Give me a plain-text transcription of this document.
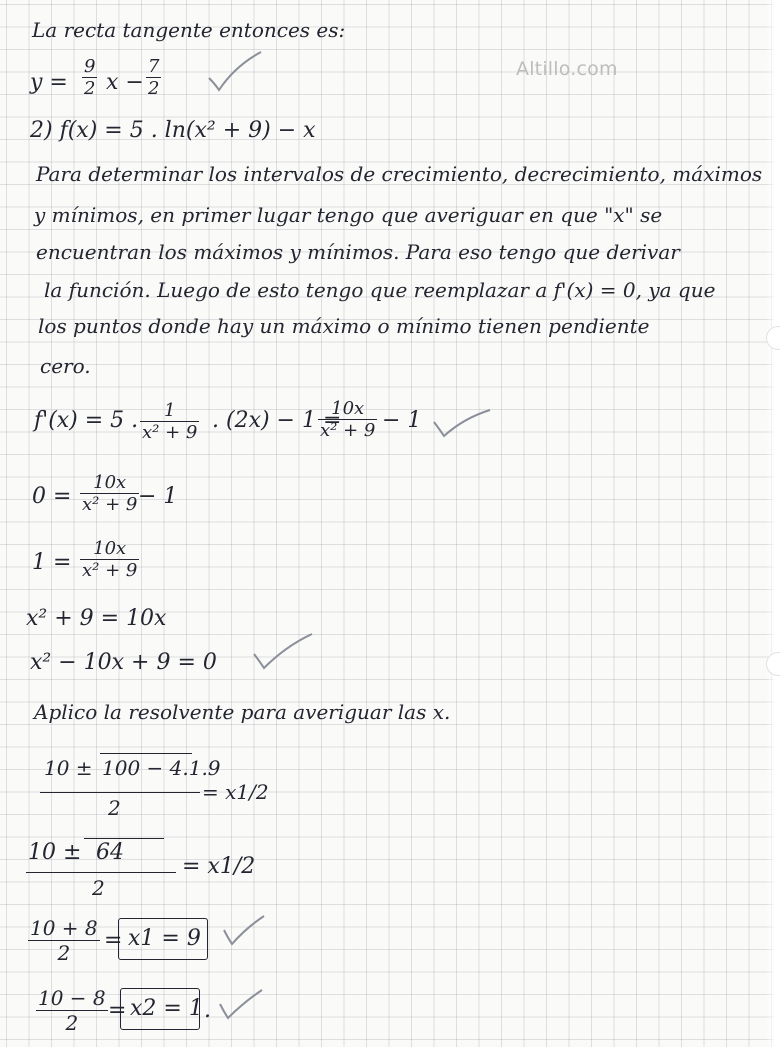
Altillo.com
La recta tangente entonces es:
$y = \frac{9}{2}$ $x - \frac{7}{2}$
2) f(x) = 5 . ln(x² + 9) − x
Para determinar los intervalos de crecimiento, decrecimiento, máximos
y mínimos, en primer lugar tengo que averiguar en que "x" se
encuentran los máximos y mínimos. Para eso tengo que derivar
la función. Luego de esto tengo que reemplazar a f'(x) = 0, ya que
los puntos donde hay un máximo o mínimo tienen pendiente
cero.
f'(x) = 5 . $\frac{1}{\text{x² + 9}}$ . (2x) − 1 =
$\frac{10x}{\text{x² + 9}} - 1$
$0 = \frac{10x}{\text{x² + 9}}$
− 1
$1 = \frac{10x}{\text{x² + 9}}$
x² + 9 = 10x
x² − 10x + 9 = 0
Aplico la resolvente para averiguar las x.
10 ± 100 − 4.1.9
2
= x1/2
10 ± 64
2
= x1/2
$\frac{10 + 8}{2} = x1 = 9$
$\frac{10 - 8}{2} = x2 = 1$ .
